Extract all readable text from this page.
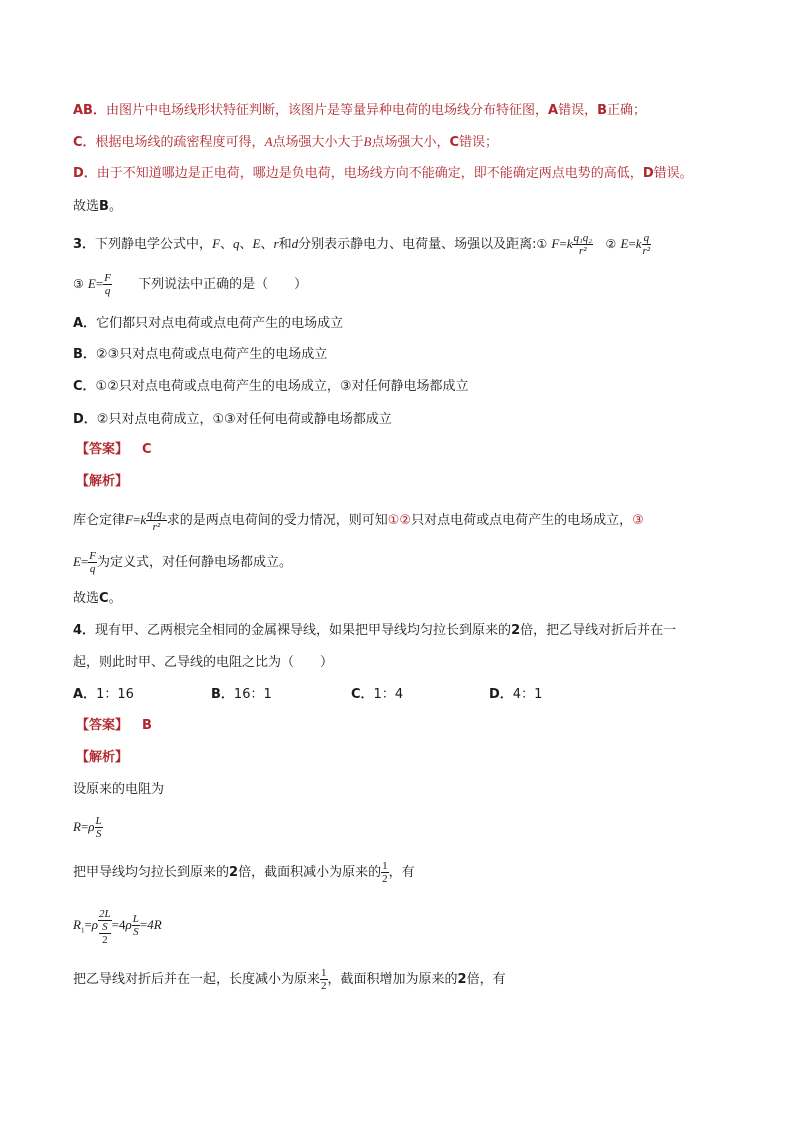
AB．由图片中电场线形状特征判断，该图片是等量异种电荷的电场线分布特征图，A错误，B正确；
C．根据电场线的疏密程度可得，A点场强大小大于B点场强大小，C错误；
D．由于不知道哪边是正电荷，哪边是负电荷，电场线方向不能确定，即不能确定两点电势的高低，D错误。
故选B。
3．下列静电学公式中，F、q、E、r和d分别表示静电力、电荷量、场强以及距离:① $F=k \frac{\text{q₁q₂}}{\text{r²}}$ ② $E=k \frac{q}{\text{r²}}$
③ $E= \frac{F}{q}$ 下列说法中正确的是（　　）
A．它们都只对点电荷或点电荷产生的电场成立
B．②③只对点电荷或点电荷产生的电场成立
C．①②只对点电荷或点电荷产生的电场成立，③对任何静电场都成立
D．②只对点电荷成立，①③对任何电荷或静电场都成立
【答案】 C
【解析】
库仑定律$F=k \frac{\text{q₁q₂}}{\text{r²}}$ 求的是两点电荷间的受力情况，则可知①②只对点电荷或点电荷产生的电场成立，③
$E= \frac{F}{q}$ 为定义式，对任何静电场都成立。
故选C。
4．现有甲、乙两根完全相同的金属裸导线，如果把甲导线均匀拉长到原来的2倍，把乙导线对折后并在一
起，则此时甲、乙导线的电阻之比为（　　）
A．1：16	B．16：1	C．1：4	D．4：1
【答案】 B
【解析】
设原来的电阻为
$R=\rho \frac{L}{S}$
把甲导线均匀拉长到原来的2倍，截面积减小为原来的 $\frac{1}{2}$ ，有
$R_1=\rho$ 2L
S
$2 =4\rho \frac{L}{S} =4R$
把乙导线对折后并在一起，长度减小为原来 $\frac{1}{2}$ ，截面积增加为原来的2倍，有
